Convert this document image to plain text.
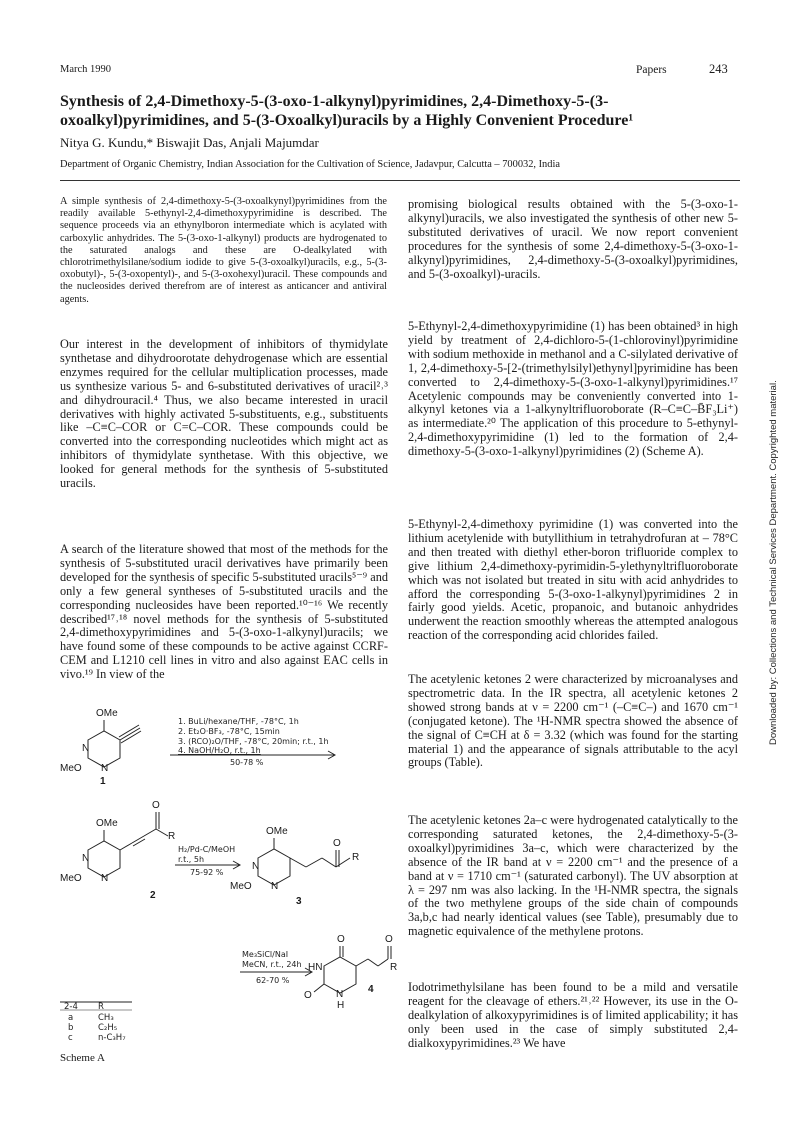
March 1990	Papers	243
Synthesis of 2,4-Dimethoxy-5-(3-oxo-1-alkynyl)pyrimidines, 2,4-Dimethoxy-5-(3-oxoalkyl)pyrimidines, and 5-(3-Oxoalkyl)uracils by a Highly Convenient Procedure¹
Nitya G. Kundu,* Biswajit Das, Anjali Majumdar
Department of Organic Chemistry, Indian Association for the Cultivation of Science, Jadavpur, Calcutta – 700032, India
A simple synthesis of 2,4-dimethoxy-5-(3-oxoalkynyl)pyrimidines from the readily available 5-ethynyl-2,4-dimethoxypyrimidine is described. The sequence proceeds via an ethynylboron intermediate which is acylated with carboxylic anhydrides. The 5-(3-oxo-1-alkynyl) products are hydrogenated to the saturated analogs and these are O-dealkylated with chlorotrimethylsilane/sodium iodide to give 5-(3-oxoalkyl)uracils, e.g., 5-(3-oxobutyl)-, 5-(3-oxopentyl)-, and 5-(3-oxohexyl)uracil. These compounds and the nucleosides derived therefrom are of interest as anticancer and antiviral agents.
Our interest in the development of inhibitors of thymidylate synthetase and dihydroorotate dehydrogenase which are essential enzymes required for the cellular multiplication processes, made us synthesize various 5- and 6-substituted derivatives of uracil²˒³ and dihydrouracil.⁴ Thus, we also became interested in uracil derivatives with highly activated 5-substituents, e.g., substituents like –C≡C–COR or C=C–COR. These compounds could be converted into the corresponding nucleotides which might act as inhibitors of thymidylate synthetase. With this objective, we looked for general methods for the synthesis of 5-substituted uracils.
A search of the literature showed that most of the methods for the synthesis of 5-substituted uracil derivatives have primarily been developed for the synthesis of specific 5-substituted uracils⁵⁻⁹ and only a few general syntheses of 5-substituted uracils and the corresponding nucleosides have been reported.¹⁰⁻¹⁶ We recently described¹⁷˒¹⁸ novel methods for the synthesis of 5-substituted 2,4-dimethoxypyrimidines and 5-(3-oxo-1-alkynyl)uracils; we have found some of these compounds to be active against CCRF-CEM and L1210 cell lines in vitro and also against EAC cells in vivo.¹⁹ In view of the
promising biological results obtained with the 5-(3-oxo-1-alkynyl)uracils, we also investigated the synthesis of other new 5-substituted derivatives of uracil. We now report convenient procedures for the synthesis of some 2,4-dimethoxy-5-(3-oxo-1-alkynyl)pyrimidines, 2,4-dimethoxy-5-(3-oxoalkyl)pyrimidines, and 5-(3-oxoalkyl)-uracils.
5-Ethynyl-2,4-dimethoxypyrimidine (1) has been obtained³ in high yield by treatment of 2,4-dichloro-5-(1-chlorovinyl)pyrimidine with sodium methoxide in methanol and a C-silylated derivative of 1, 2,4-dimethoxy-5-[2-(trimethylsilyl)ethynyl]pyrimidine has been converted to 2,4-dimethoxy-5-(3-oxo-1-alkynyl)pyrimidines.¹⁷ Acetylenic compounds may be conveniently converted into 1-alkynyl ketones via a 1-alkynyltrifluoroborate (R–C≡C–B̄F₃Li⁺) as intermediate.²⁰ The application of this procedure to 5-ethynyl-2,4-dimethoxypyrimidine (1) led to the formation of 2,4-dimethoxy-5-(3-oxo-1-alkynyl)pyrimidines (2) (Scheme A).
5-Ethynyl-2,4-dimethoxy pyrimidine (1) was converted into the lithium acetylenide with butyllithium in tetrahydrofuran at – 78°C and then treated with diethyl ether-boron trifluoride complex to give lithium 2,4-dimethoxy-pyrimidin-5-ylethynyltrifluoroborate which was not isolated but treated in situ with acid anhydrides to afford the corresponding 5-(3-oxo-1-alkynyl)pyrimidines 2 in fairly good yields. Acetic, propanoic, and butanoic anhydrides underwent the reaction smoothly whereas the attempted analogous reaction of the corresponding acid chlorides failed.
The acetylenic ketones 2 were characterized by microanalyses and spectrometric data. In the IR spectra, all acetylenic ketones 2 showed strong bands at ν = 2200 cm⁻¹ (–C≡C–) and 1670 cm⁻¹ (conjugated ketone). The ¹H-NMR spectra showed the absence of the signal of C≡CH at δ = 3.32 (which was found for the starting material 1) and the appearance of signals attributable to the acyl groups (Table).
The acetylenic ketones 2a–c were hydrogenated catalytically to the corresponding saturated ketones, the 2,4-dimethoxy-5-(3-oxoalkyl)pyrimidines 3a–c, which were characterized by the absence of the IR band at ν = 2200 cm⁻¹ and the presence of a band at ν = 1710 cm⁻¹ (saturated carbonyl). The UV absorption at λ = 297 nm was also lacking. In the ¹H-NMR spectra, the signals of the two methylene groups of the side chain of compounds 3a,b,c had nearly identical values (see Table), presumably due to magnetic equivalence of the methylene protons.
Iodotrimethylsilane has been found to be a mild and versatile reagent for the cleavage of ethers.²¹˒²² However, its use in the O-dealkylation of alkoxypyrimidines is of limited applicability; it has only been used in the case of simply substituted 2,4-dialkoxypyrimidines.²³ We have
1. BuLi/hexane/THF, -78°C, 1h
2. Et₂O·BF₃, -78°C, 15min
3. (RCO)₂O/THF, -78°C, 20min; r.t., 1h
4. NaOH/H₂O, r.t., 1h
50-78 %
H₂/Pd-C/MeOH
r.t., 5h
75-92 %
Me₃SiCl/NaI
MeCN, r.t., 24h
62-70 %
OMe
N
N
MeO
1
OMe
N
N
MeO
O
R
2
OMe
N
N
MeO
O
R
3
O	O
HN
N
H
O
R
4
2-4 R
a	CH₃
b	C₂H₅
c	n-C₃H₇
Scheme A
Downloaded by: Collections and Technical Services Department. Copyrighted material.
